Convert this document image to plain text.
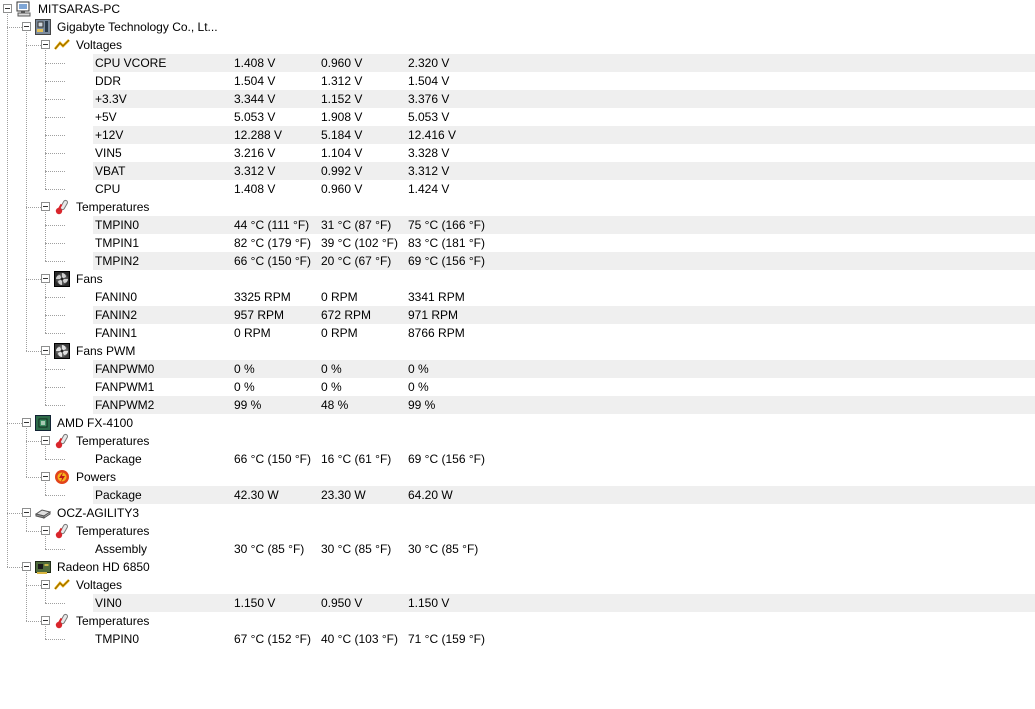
MITSARAS-PC
Gigabyte Technology Co., Lt...
Voltages
CPU VCORE	1.408 V	0.960 V	2.320 V
DDR	1.504 V	1.312 V	1.504 V
+3.3V	3.344 V	1.152 V	3.376 V
+5V	5.053 V	1.908 V	5.053 V
+12V	12.288 V	5.184 V	12.416 V
VIN5	3.216 V	1.104 V	3.328 V
VBAT	3.312 V	0.992 V	3.312 V
CPU	1.408 V	0.960 V	1.424 V
Temperatures
TMPIN0	44 °C (111 °F) 31 °C (87 °F) 75 °C (166 °F)
TMPIN1	82 °C (179 °F) 39 °C (102 °F) 83 °C (181 °F)
TMPIN2	66 °C (150 °F) 20 °C (67 °F) 69 °C (156 °F)
Fans
FANIN0	3325 RPM	0 RPM	3341 RPM
FANIN2	957 RPM	672 RPM	971 RPM
FANIN1	0 RPM	0 RPM	8766 RPM
Fans PWM
FANPWM0	0 %	0 %	0 %
FANPWM1	0 %	0 %	0 %
FANPWM2	99 %	48 %	99 %
AMD FX-4100
Temperatures
Package	66 °C (150 °F) 16 °C (61 °F) 69 °C (156 °F)
Powers
Package	42.30 W	23.30 W	64.20 W
OCZ-AGILITY3
Temperatures
Assembly	30 °C (85 °F) 30 °C (85 °F) 30 °C (85 °F)
Radeon HD 6850
Voltages
VIN0	1.150 V	0.950 V	1.150 V
Temperatures
TMPIN0	67 °C (152 °F) 40 °C (103 °F) 71 °C (159 °F)
